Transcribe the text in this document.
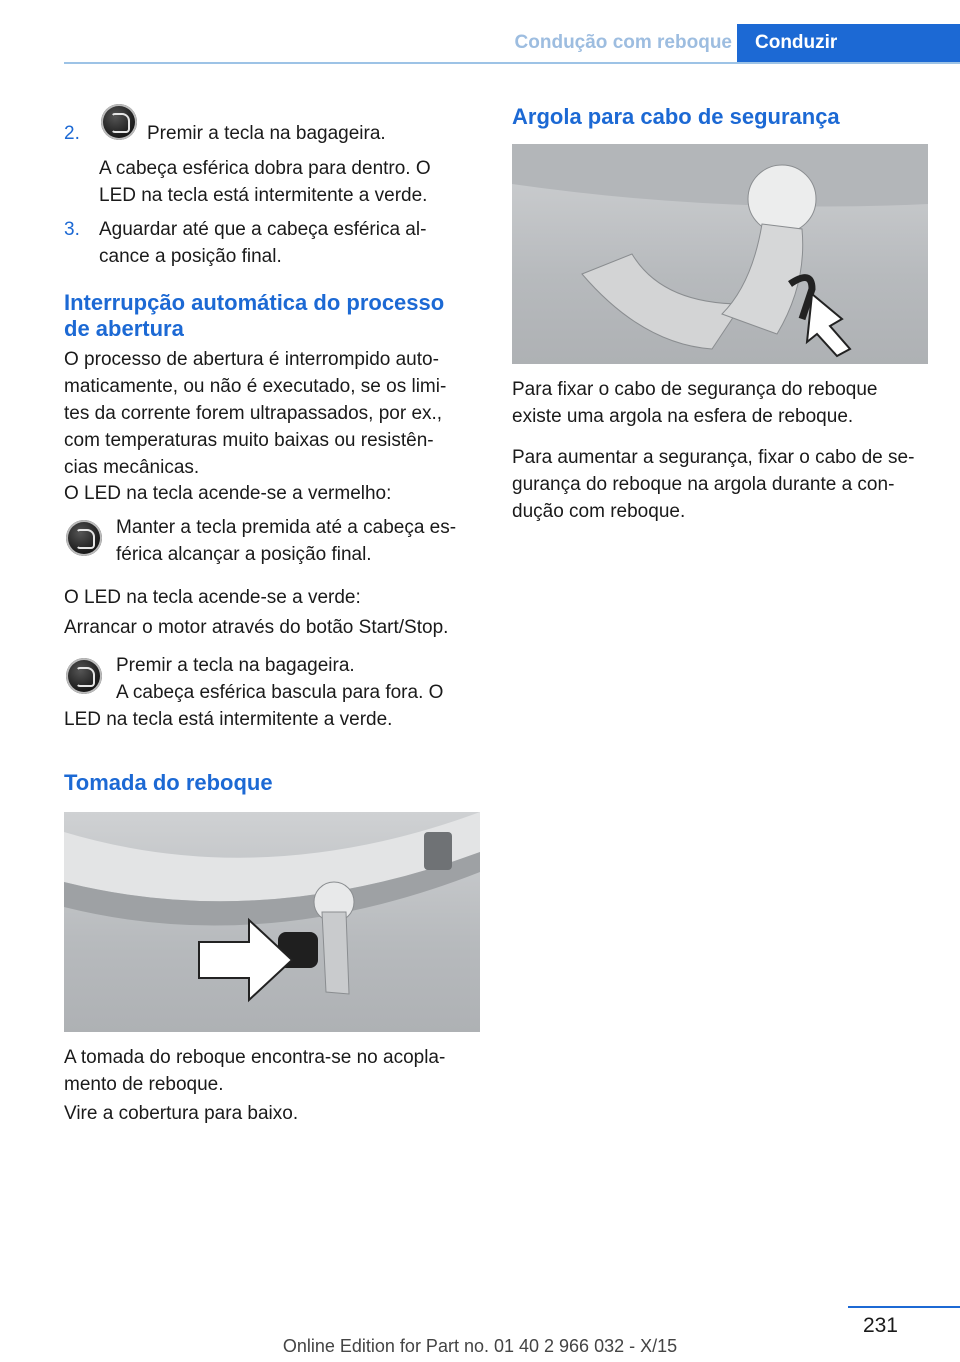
Condução com reboque	Conduzir
2.	Premir a tecla na bagageira.

A cabeça esférica dobra para dentro. O

LED na tecla está intermitente a verde.

3. Aguardar até que a cabeça esférica al‐

cance a posição final.

Interrupção automática do processo
de abertura

O processo de abertura é interrompido auto‐

maticamente, ou não é executado, se os limi‐

tes da corrente forem ultrapassados, por ex.,

com temperaturas muito baixas ou resistên‐

cias mecânicas.

O LED na tecla acende-se a vermelho:

Manter a tecla premida até a cabeça es‐

férica alcançar a posição final.

O LED na tecla acende-se a verde:

Arrancar o motor através do botão Start/Stop.

Premir a tecla na bagageira.

A cabeça esférica bascula para fora. O

LED na tecla está intermitente a verde.

Tomada do reboque

A tomada do reboque encontra-se no acopla‐

mento de reboque.

Vire a cobertura para baixo.

Argola para cabo de segurança

Para fixar o cabo de segurança do reboque

existe uma argola na esfera de reboque.

Para aumentar a segurança, fixar o cabo de se‐

gurança do reboque na argola durante a con‐

dução com reboque.

231
Online Edition for Part no. 01 40 2 966 032 - X/15
